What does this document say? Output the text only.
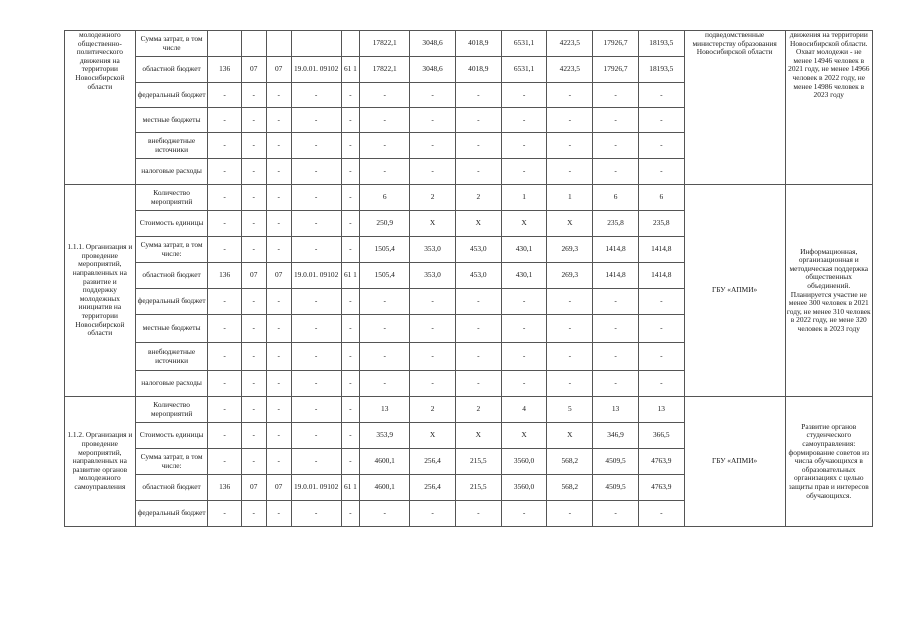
молодежного общественно-политического движения на территории Новосибирской области	Сумма затрат, в том числе						17822,1	3048,6	4018,9	6531,1	4223,5	17926,7	18193,5	подведомственные министерству образования Новосибирской области	движения на территории Новосибирской области. Охват молодежи - не менее 14946 человек в 2021 году, не менее 14966 человек в 2022 году, не менее 14986 человек в 2023 году
	областной бюджет	136	07	07	19.0.01. 09102	61 1	17822,1	3048,6	4018,9	6531,1	4223,5	17926,7	18193,5		
	федеральный бюджет	-	-	-	-	-	-	-	-	-	-	-	-		
	местные бюджеты	-	-	-	-	-	-	-	-	-	-	-	-		
	внебюджетные источники	-	-	-	-	-	-	-	-	-	-	-	-		
	налоговые расходы	-	-	-	-	-	-	-	-	-	-	-	-		
1.1.1. Организация и проведение мероприятий, направленных на развитие и поддержку молодежных инициатив на территории Новосибирской области	Количество мероприятий	-	-	-	-	-	6	2	2	1	1	6	6	ГБУ «АПМИ»	Информационная, организационная и методическая поддержка общественных объединений. Планируется участие не менее 300 человек в 2021 году, не менее 310 человек в 2022 году, не мене 320 человек в 2023 году
	Стоимость единицы	-	-	-	-	-	250,9	X	X	X	X	235,8	235,8		
	Сумма затрат, в том числе:	-	-	-	-	-	1505,4	353,0	453,0	430,1	269,3	1414,8	1414,8		
	областной бюджет	136	07	07	19.0.01. 09102	61 1	1505,4	353,0	453,0	430,1	269,3	1414,8	1414,8		
	федеральный бюджет	-	-	-	-	-	-	-	-	-	-	-	-		
	местные бюджеты	-	-	-	-	-	-	-	-	-	-	-	-		
	внебюджетные источники	-	-	-	-	-	-	-	-	-	-	-	-		
	налоговые расходы	-	-	-	-	-	-	-	-	-	-	-	-		
1.1.2. Организация и проведение мероприятий, направленных на развитие органов молодежного самоуправления	Количество мероприятий	-	-	-	-	-	13	2	2	4	5	13	13	ГБУ «АПМИ»	Развитие органов студенческого самоуправления: формирование советов из числа обучающихся в образовательных организациях с целью защиты прав и интересов обучающихся.
	Стоимость единицы	-	-	-	-	-	353,9	X	X	X	X	346,9	366,5		
	Сумма затрат, в том числе:	-	-	-	-	-	4600,1	256,4	215,5	3560,0	568,2	4509,5	4763,9		
	областной бюджет	136	07	07	19.0.01. 09102	61 1	4600,1	256,4	215,5	3560,0	568,2	4509,5	4763,9		
	федеральный бюджет	-	-	-	-	-	-	-	-	-	-	-	-		
